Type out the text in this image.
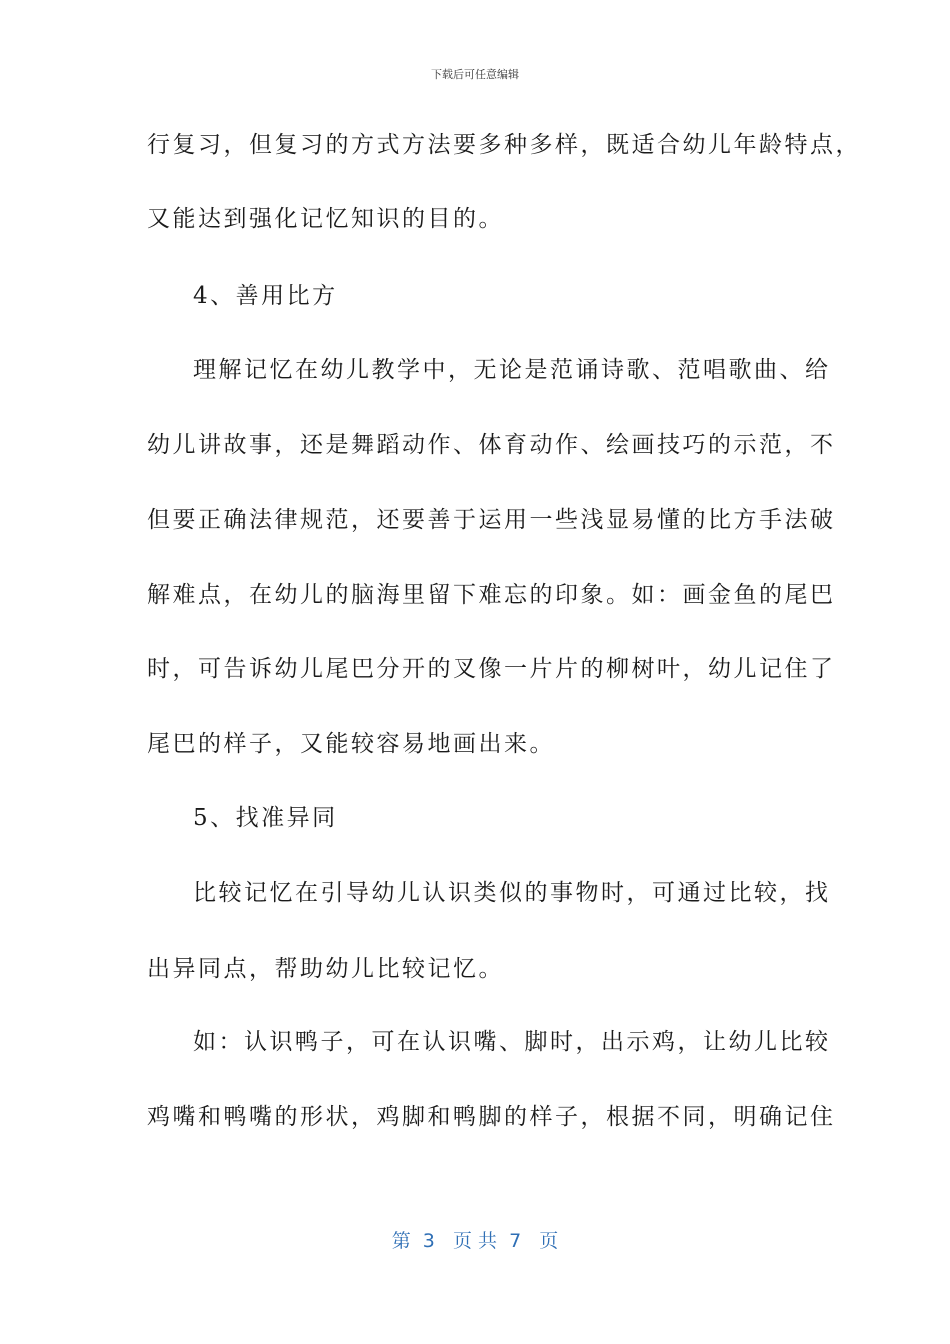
下载后可任意编辑
行复习，但复习的方式方法要多种多样，既适合幼儿年龄特点，
又能达到强化记忆知识的目的。
4、善用比方
理解记忆在幼儿教学中，无论是范诵诗歌、范唱歌曲、给
幼儿讲故事，还是舞蹈动作、体育动作、绘画技巧的示范，不
但要正确法律规范，还要善于运用一些浅显易懂的比方手法破
解难点，在幼儿的脑海里留下难忘的印象。如：画金鱼的尾巴
时，可告诉幼儿尾巴分开的叉像一片片的柳树叶，幼儿记住了
尾巴的样子，又能较容易地画出来。
5、找准异同
比较记忆在引导幼儿认识类似的事物时，可通过比较，找
出异同点，帮助幼儿比较记忆。
如：认识鸭子，可在认识嘴、脚时，出示鸡，让幼儿比较
鸡嘴和鸭嘴的形状，鸡脚和鸭脚的样子，根据不同，明确记住
第  3   页 共  7   页
